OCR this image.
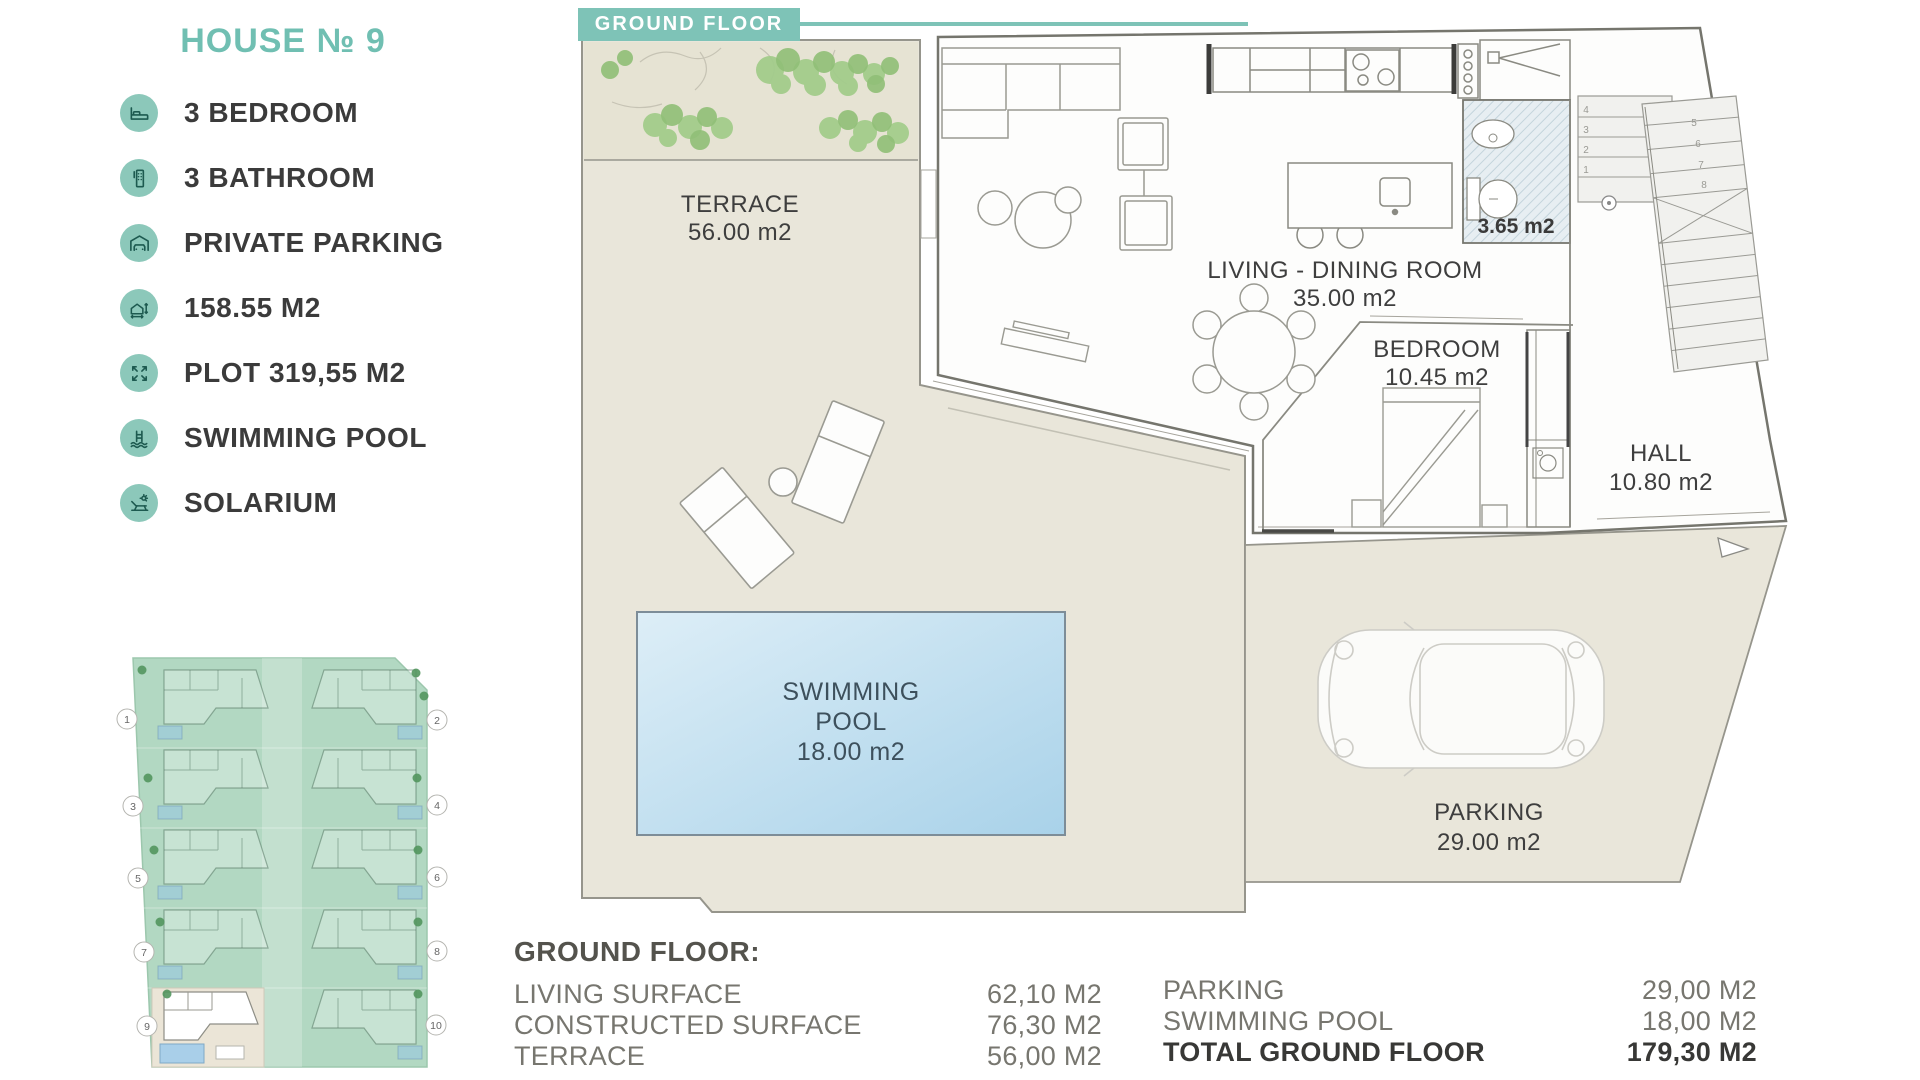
4
3
2
1
5
6
7
8
TERRACE
56.00 m2
LIVING - DINING ROOM
35.00 m2
BEDROOM
10.45 m2
HALL
10.80 m2
3.65 m2
SWIMMING
POOL
18.00 m2
PARKING
29.00 m2
1	2
3	4
5	6
7	8
9	10
HOUSE № 9
3 BEDROOM
3 BATHROOM
PRIVATE PARKING
158.55 M2
PLOT 319,55 M2
SWIMMING POOL
SOLARIUM
GROUND FLOOR
GROUND FLOOR:
LIVING SURFACE	62,10 M2
CONSTRUCTED SURFACE	76,30 M2
TERRACE	56,00 M2
PARKING	29,00 M2
SWIMMING POOL	18,00 M2
TOTAL GROUND FLOOR	179,30 M2
